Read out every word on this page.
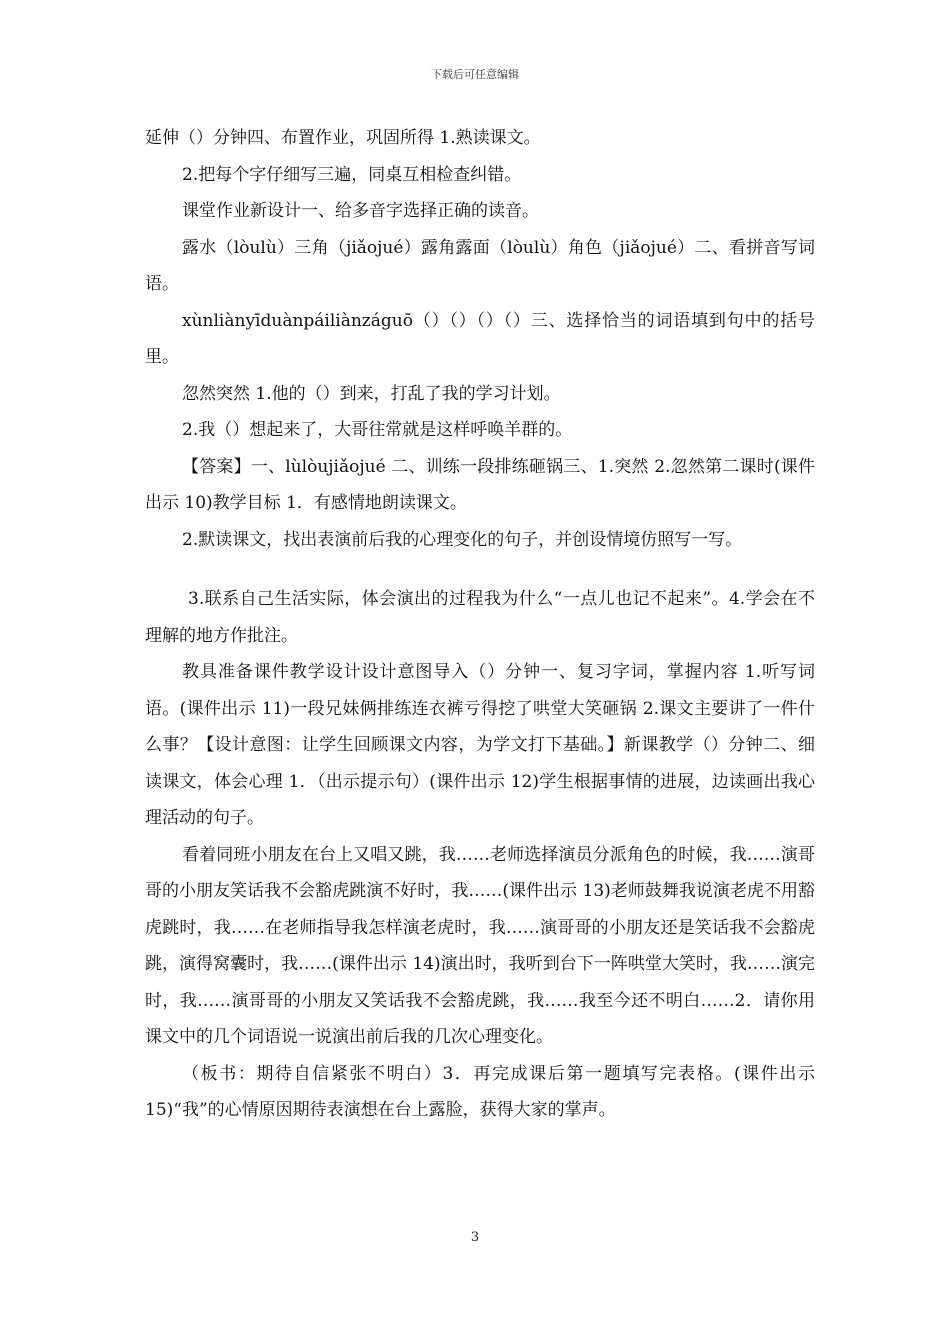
下载后可任意编辑

延伸（）分钟四、布置作业，巩固所得 1.熟读课文。

2.把每个字仔细写三遍，同桌互相检查纠错。

课堂作业新设计一、给多音字选择正确的读音。

露水（lòulù）三角（jiǎojué）露角露面（lòulù）角色（jiǎojué）二、看拼音写词语。

xùnliànyīduànpáiliànzáguō（）（）（）（）三、选择恰当的词语填到句中的括号里。

忽然突然 1.他的（）到来，打乱了我的学习计划。

2.我（）想起来了，大哥往常就是这样呼唤羊群的。

【答案】一、lùlòujiǎojué 二、训练一段排练砸锅三、1.突然 2.忽然第二课时(课件出示 10)教学目标 1．有感情地朗读课文。

2.默读课文，找出表演前后我的心理变化的句子，并创设情境仿照写一写。

3.联系自己生活实际，体会演出的过程我为什么“一点儿也记不起来”。4.学会在不理解的地方作批注。

教具准备课件教学设计设计意图导入（）分钟一、复习字词，掌握内容 1.听写词语。(课件出示 11)一段兄妹俩排练连衣裤亏得挖了哄堂大笑砸锅 2.课文主要讲了一件什么事？【设计意图：让学生回顾课文内容，为学文打下基础。】新课教学（）分钟二、细读课文，体会心理 1．（出示提示句）(课件出示 12)学生根据事情的进展，边读画出我心理活动的句子。

看着同班小朋友在台上又唱又跳，我……老师选择演员分派角色的时候，我……演哥哥的小朋友笑话我不会豁虎跳演不好时，我……(课件出示 13)老师鼓舞我说演老虎不用豁虎跳时，我……在老师指导我怎样演老虎时，我……演哥哥的小朋友还是笑话我不会豁虎跳，演得窝囊时，我……(课件出示 14)演出时，我听到台下一阵哄堂大笑时，我……演完时，我……演哥哥的小朋友又笑话我不会豁虎跳，我……我至今还不明白……2．请你用课文中的几个词语说一说演出前后我的几次心理变化。

（板书：期待自信紧张不明白）3．再完成课后第一题填写完表格。(课件出示 15)“我”的心情原因期待表演想在台上露脸，获得大家的掌声。

3
